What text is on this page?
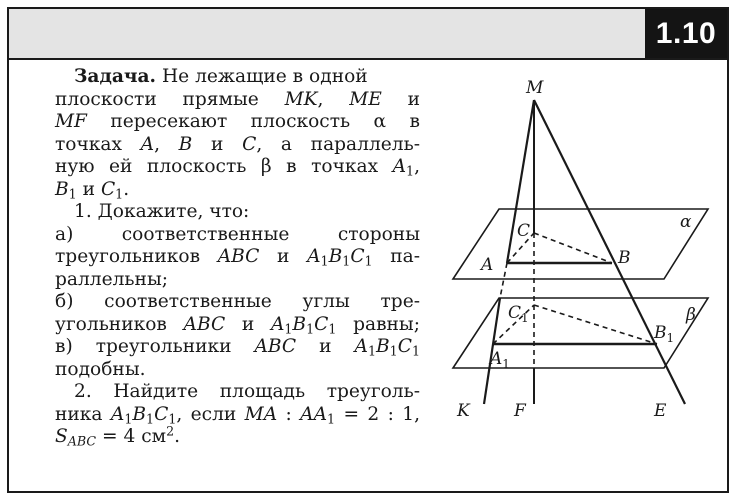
1.10
Задача. Не лежащие в одной
плоскости прямые MK, ME и
MF пересекают плоскость α в
точках A, B и C, а параллель-
ную ей плоскость β в точках $A_1$,
$B_1$ и $C_1$.
1. Докажите, что:
а) соответственные стороны
треугольников ABC и $A_1B_1C_1$ па-
раллельны;
б) соответственные углы тре-
угольников ABC и $A_1B_1C_1$ равны;
в) треугольники ABC и $A_1B_1C_1$
подобны.
2. Найдите площадь треуголь-
ника $A_1B_1C_1$, если MA : $AA_1 = 2$ : 1,
$S_{ABC} = 4$ $см^2$.
M
α
β
C
A	B
$C_1$
$A_1$
$B_1$
K	F	E
